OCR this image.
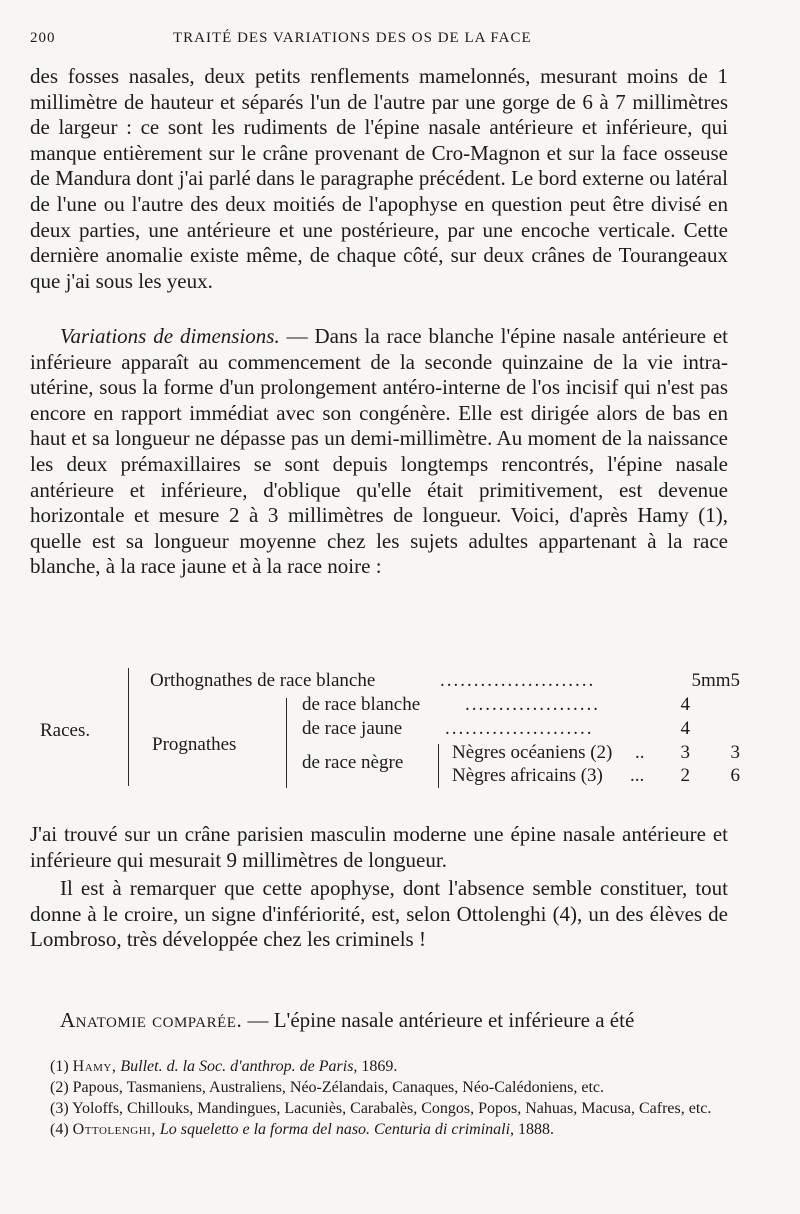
200	TRAITÉ DES VARIATIONS DES OS DE LA FACE

des fosses nasales, deux petits renflements mamelonnés, mesurant moins de 1 millimètre de hauteur et séparés l'un de l'autre par une gorge de 6 à 7 millimètres de largeur : ce sont les rudiments de l'épine nasale antérieure et inférieure, qui manque entièrement sur le crâne provenant de Cro-Magnon et sur la face osseuse de Mandura dont j'ai parlé dans le paragraphe précédent. Le bord externe ou latéral de l'une ou l'autre des deux moitiés de l'apophyse en question peut être divisé en deux parties, une antérieure et une postérieure, par une encoche verticale. Cette dernière anomalie existe même, de chaque côté, sur deux crânes de Tourangeaux que j'ai sous les yeux.

Variations de dimensions. — Dans la race blanche l'épine nasale antérieure et inférieure apparaît au commencement de la seconde quinzaine de la vie intra-utérine, sous la forme d'un prolongement antéro-interne de l'os incisif qui n'est pas encore en rapport immédiat avec son congénère. Elle est dirigée alors de bas en haut et sa longueur ne dépasse pas un demi-millimètre. Au moment de la naissance les deux prémaxillaires se sont depuis longtemps rencontrés, l'épine nasale antérieure et inférieure, d'oblique qu'elle était primitivement, est devenue horizontale et mesure 2 à 3 millimètres de longueur. Voici, d'après Hamy (1), quelle est sa longueur moyenne chez les sujets adultes appartenant à la race blanche, à la race jaune et à la race noire :

Races.
Orthognathes de race blanche	.......................	5mm5
Prognathes
de race blanche ....................	4
de race jaune ......................	4
de race nègre	Nègres océaniens (2) ..	3	3
Nègres africains (3) ...	2	6

J'ai trouvé sur un crâne parisien masculin moderne une épine nasale antérieure et inférieure qui mesurait 9 millimètres de longueur.

Il est à remarquer que cette apophyse, dont l'absence semble constituer, tout donne à le croire, un signe d'infériorité, est, selon Ottolenghi (4), un des élèves de Lombroso, très développée chez les criminels !

Anatomie comparée. — L'épine nasale antérieure et inférieure a été

(1) Hamy, Bullet. d. la Soc. d'anthrop. de Paris, 1869.

(2) Papous, Tasmaniens, Australiens, Néo-Zélandais, Canaques, Néo-Calédoniens, etc.

(3) Yoloffs, Chillouks, Mandingues, Lacuniès, Carabalès, Congos, Popos, Nahuas, Macusa, Cafres, etc.

(4) Ottolenghi, Lo squeletto e la forma del naso. Centuria di criminali, 1888.
